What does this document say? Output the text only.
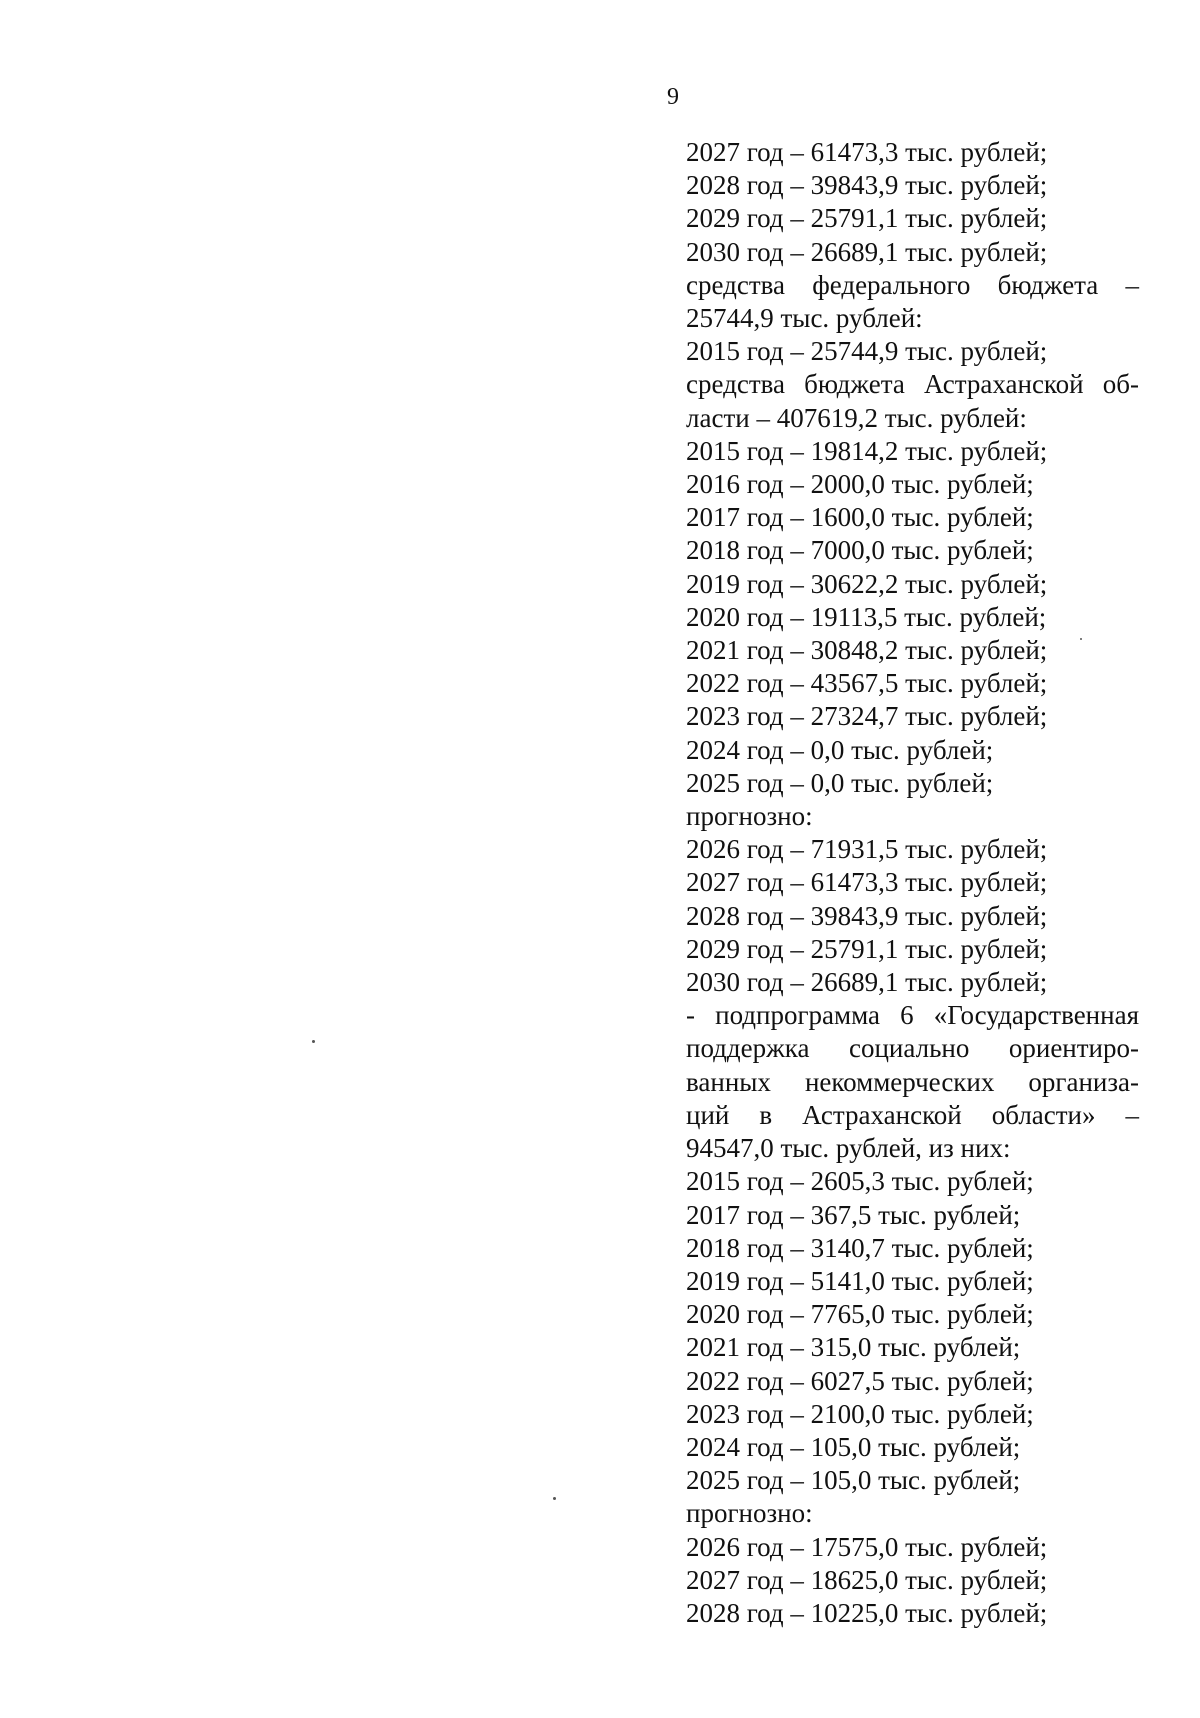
9
2027 год – 61473,3 тыс. рублей;
2028 год – 39843,9 тыс. рублей;
2029 год – 25791,1 тыс. рублей;
2030 год – 26689,1 тыс. рублей;
средства федерального бюджета –
25744,9 тыс. рублей:
2015 год – 25744,9 тыс. рублей;
средства бюджета Астраханской об-
ласти – 407619,2 тыс. рублей:
2015 год – 19814,2 тыс. рублей;
2016 год – 2000,0 тыс. рублей;
2017 год – 1600,0 тыс. рублей;
2018 год – 7000,0 тыс. рублей;
2019 год – 30622,2 тыс. рублей;
2020 год – 19113,5 тыс. рублей;
2021 год – 30848,2 тыс. рублей;
2022 год – 43567,5 тыс. рублей;
2023 год – 27324,7 тыс. рублей;
2024 год – 0,0 тыс. рублей;
2025 год – 0,0 тыс. рублей;
прогнозно:
2026 год – 71931,5 тыс. рублей;
2027 год – 61473,3 тыс. рублей;
2028 год – 39843,9 тыс. рублей;
2029 год – 25791,1 тыс. рублей;
2030 год – 26689,1 тыс. рублей;
- подпрограмма 6 «Государственная
поддержка социально ориентиро-
ванных некоммерческих организа-
ций в Астраханской области» –
94547,0 тыс. рублей, из них:
2015 год – 2605,3 тыс. рублей;
2017 год – 367,5 тыс. рублей;
2018 год – 3140,7 тыс. рублей;
2019 год – 5141,0 тыс. рублей;
2020 год – 7765,0 тыс. рублей;
2021 год – 315,0 тыс. рублей;
2022 год – 6027,5 тыс. рублей;
2023 год – 2100,0 тыс. рублей;
2024 год – 105,0 тыс. рублей;
2025 год – 105,0 тыс. рублей;
прогнозно:
2026 год – 17575,0 тыс. рублей;
2027 год – 18625,0 тыс. рублей;
2028 год – 10225,0 тыс. рублей;
